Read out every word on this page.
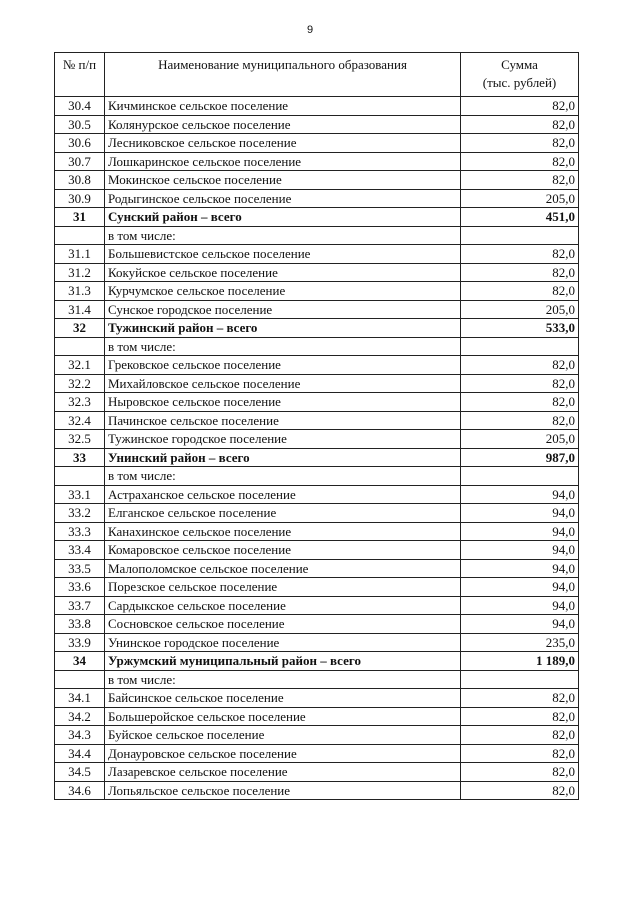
9
№ п/п	Наименование муниципального образования	Сумма
(тыс. рублей)

30.4	Кичминское сельское поселение	82,0
30.5	Колянурское сельское поселение	82,0
30.6	Лесниковское сельское поселение	82,0
30.7	Лошкаринское сельское поселение	82,0
30.8	Мокинское сельское поселение	82,0
30.9	Родыгинское сельское поселение	205,0
31	Сунский район – всего	451,0
	в том числе:	
31.1	Большевистское сельское поселение	82,0
31.2	Кокуйское сельское поселение	82,0
31.3	Курчумское сельское поселение	82,0
31.4	Сунское городское поселение	205,0
32	Тужинский район – всего	533,0
	в том числе:	
32.1	Грековское сельское поселение	82,0
32.2	Михайловское сельское поселение	82,0
32.3	Ныровское сельское поселение	82,0
32.4	Пачинское сельское поселение	82,0
32.5	Тужинское городское поселение	205,0
33	Унинский район – всего	987,0
	в том числе:	
33.1	Астраханское сельское поселение	94,0
33.2	Елганское сельское поселение	94,0
33.3	Канахинское сельское поселение	94,0
33.4	Комаровское сельское поселение	94,0
33.5	Малополомское сельское поселение	94,0
33.6	Порезское сельское поселение	94,0
33.7	Сардыкское сельское поселение	94,0
33.8	Сосновское сельское поселение	94,0
33.9	Унинское городское поселение	235,0
34	Уржумский муниципальный район – всего	1 189,0
	в том числе:	
34.1	Байсинское сельское поселение	82,0
34.2	Большеройское сельское поселение	82,0
34.3	Буйское сельское поселение	82,0
34.4	Донауровское сельское поселение	82,0
34.5	Лазаревское сельское поселение	82,0
34.6	Лопьяльское сельское поселение	82,0
